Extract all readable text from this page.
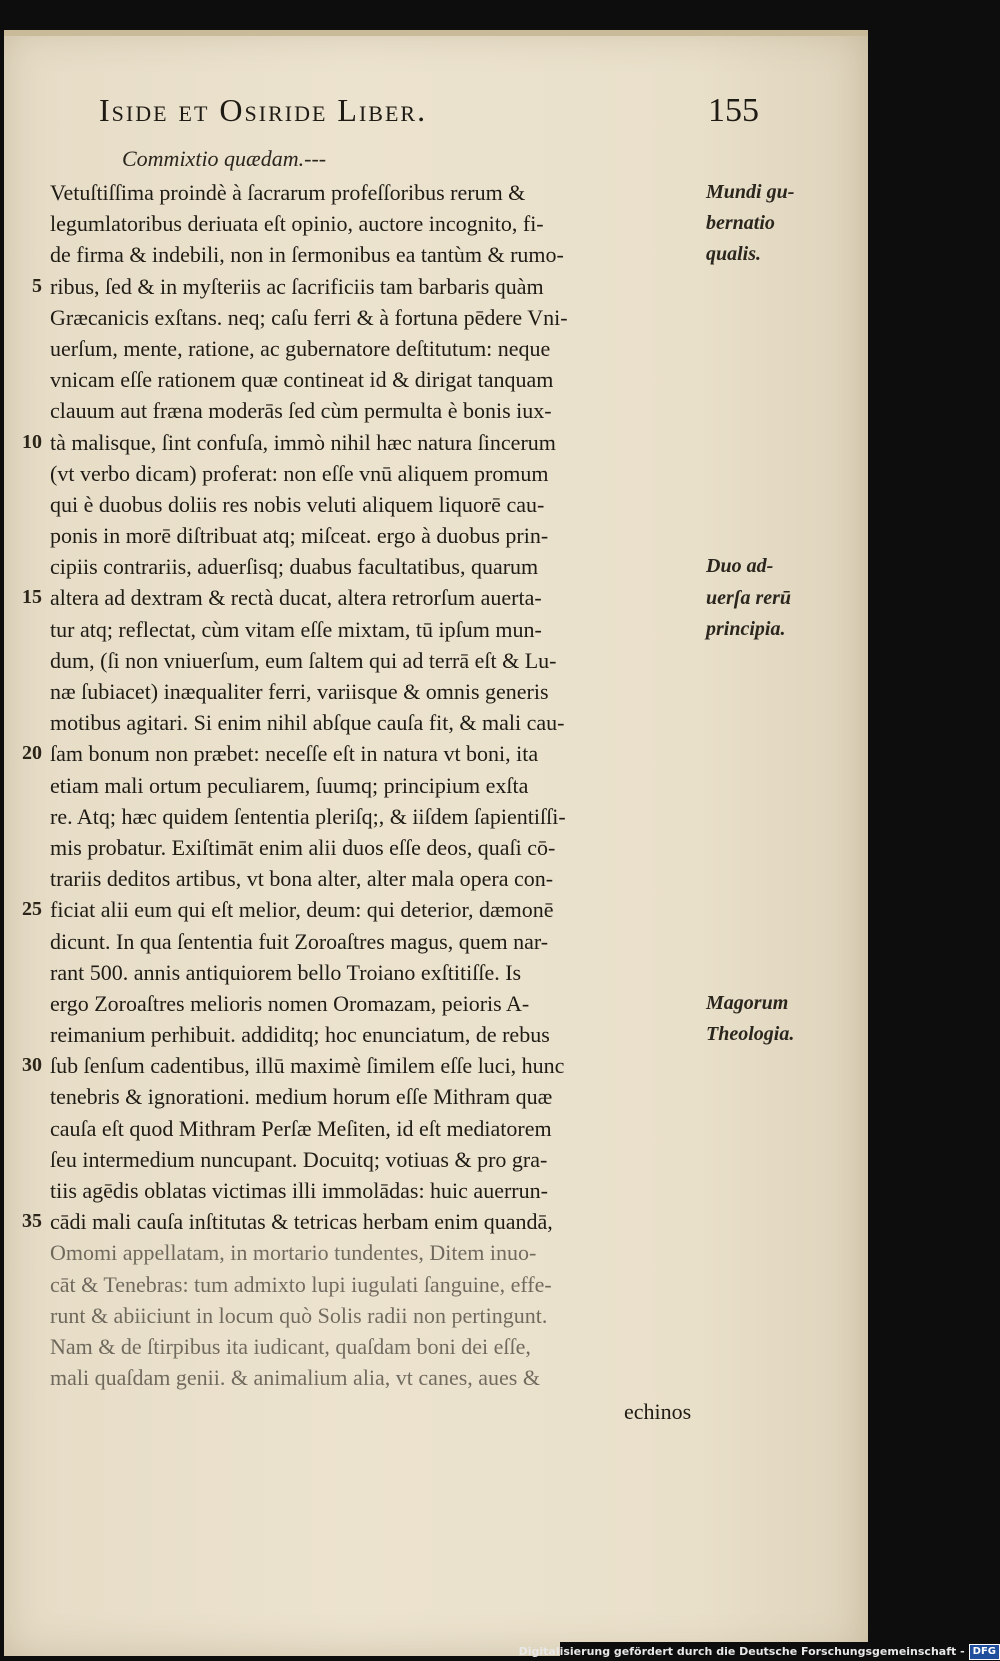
Iside et Osiride Liber.	155
Commixtio quædam.---
Vetuſtiſſima proindè à ſacrarum profeſſoribus rerum &
legumlatoribus deriuata eſt opinio, auctore incognito, fi-
de firma & indebili, non in ſermonibus ea tantùm & rumo-
5 ribus, ſed & in myſteriis ac ſacrificiis tam barbaris quàm
Græcanicis exſtans. neq; caſu ferri & à fortuna pēdere Vni-
uerſum, mente, ratione, ac gubernatore deſtitutum: neque
vnicam eſſe rationem quæ contineat id & dirigat tanquam
clauum aut fræna moderās ſed cùm permulta è bonis iux-
10 tà malisque, ſint confuſa, immò nihil hæc natura ſincerum
(vt verbo dicam) proferat: non eſſe vnū aliquem promum
qui è duobus doliis res nobis veluti aliquem liquorē cau-
ponis in morē diſtribuat atq; miſceat. ergo à duobus prin-
cipiis contrariis, aduerſisq; duabus facultatibus, quarum
15 altera ad dextram & rectà ducat, altera retrorſum auerta-
tur atq; reflectat, cùm vitam eſſe mixtam, tū ipſum mun-
dum, (ſi non vniuerſum, eum ſaltem qui ad terrā eſt & Lu-
næ ſubiacet) inæqualiter ferri, variisque & omnis generis
motibus agitari. Si enim nihil abſque cauſa fit, & mali cau-
20 ſam bonum non præbet: neceſſe eſt in natura vt boni, ita
etiam mali ortum peculiarem, ſuumq; principium exſta
re. Atq; hæc quidem ſententia pleriſq;, & iiſdem ſapientiſſi-
mis probatur. Exiſtimāt enim alii duos eſſe deos, quaſi cō-
trariis deditos artibus, vt bona alter, alter mala opera con-
25 ficiat alii eum qui eſt melior, deum: qui deterior, dæmonē
dicunt. In qua ſententia fuit Zoroaſtres magus, quem nar-
rant 500. annis antiquiorem bello Troiano exſtitiſſe. Is
ergo Zoroaſtres melioris nomen Oromazam, peioris A-
reimanium perhibuit. addiditq; hoc enunciatum, de rebus
30 ſub ſenſum cadentibus, illū maximè ſimilem eſſe luci, hunc
tenebris & ignorationi. medium horum eſſe Mithram quæ
cauſa eſt quod Mithram Perſæ Meſiten, id eſt mediatorem
ſeu intermedium nuncupant. Docuitq; votiuas & pro gra-
tiis agēdis oblatas victimas illi immolādas: huic auerrun-
35 cādi mali cauſa inſtitutas & tetricas herbam enim quandā,
Omomi appellatam, in mortario tundentes, Ditem inuo-
cāt & Tenebras: tum admixto lupi iugulati ſanguine, effe-
runt & abiiciunt in locum quò Solis radii non pertingunt.
Nam & de ſtirpibus ita iudicant, quaſdam boni dei eſſe,
mali quaſdam genii. & animalium alia, vt canes, aues &
Mundi gu-
bernatio
qualis.
Duo ad-
uerſa rerū
principia.
Magorum
Theologia.
echinos
Digitalisierung gefördert durch die Deutsche Forschungsgemeinschaft - DFG
